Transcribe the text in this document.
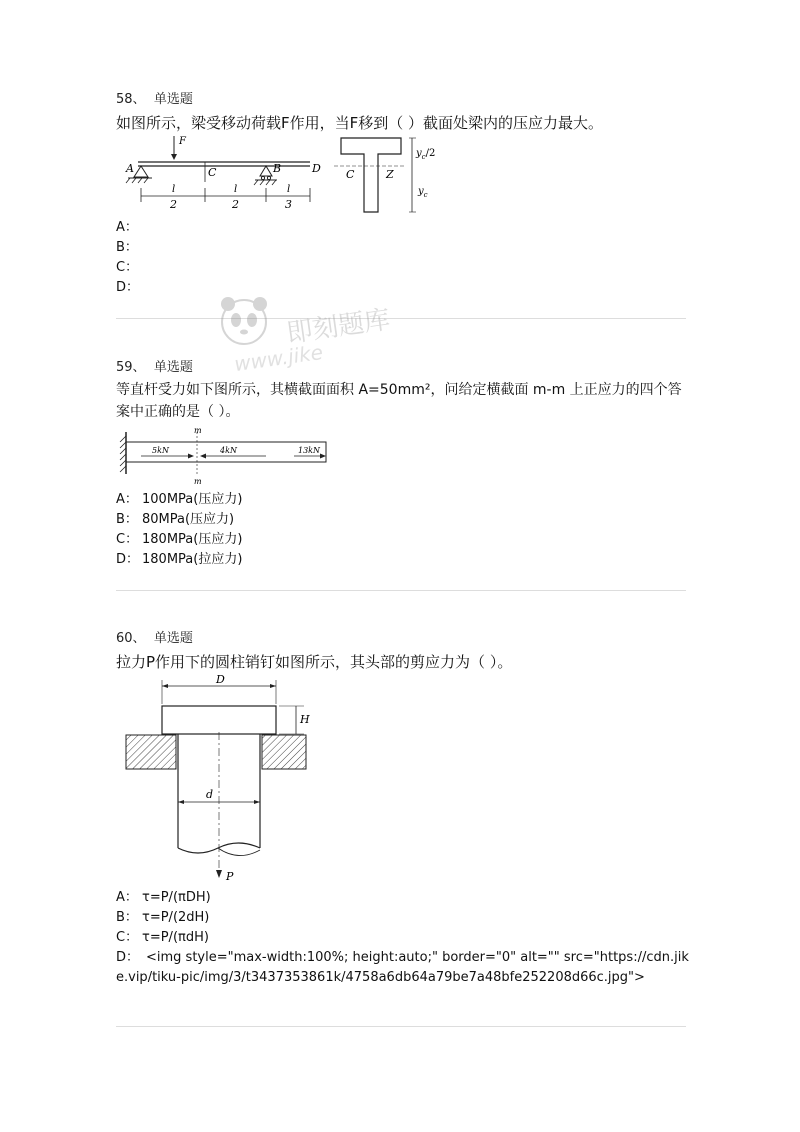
58、 单选题
如图所示，梁受移动荷载F作用，当F移到（ ）截面处梁内的压应力最大。
F
A	C	B	D
l
2
l
2
l
3
C	Z
$y_c/2$
$y_c$
A：
B：
C：
D：
即刻题库
www.jike
59、 单选题
等直杆受力如下图所示，其横截面面积 A=50mm²，问给定横截面 m-m 上正应力的四个答案中正确的是（ ）。
m
m
5kN	4kN	13kN
A： 100MPa(压应力)
B： 80MPa(压应力)
C： 180MPa(压应力)
D： 180MPa(拉应力)
60、 单选题
拉力P作用下的圆柱销钉如图所示，其头部的剪应力为（ ）。
D
H
d
P
A： τ=P/(πDH)
B： τ=P/(2dH)
C： τ=P/(πdH)
D： <img style="max-width:100%; height:auto;" border="0" alt="" src="https://cdn.jike.vip/tiku-pic/img/3/t3437353861k/4758a6db64a79be7a48bfe252208d66c.jpg">
